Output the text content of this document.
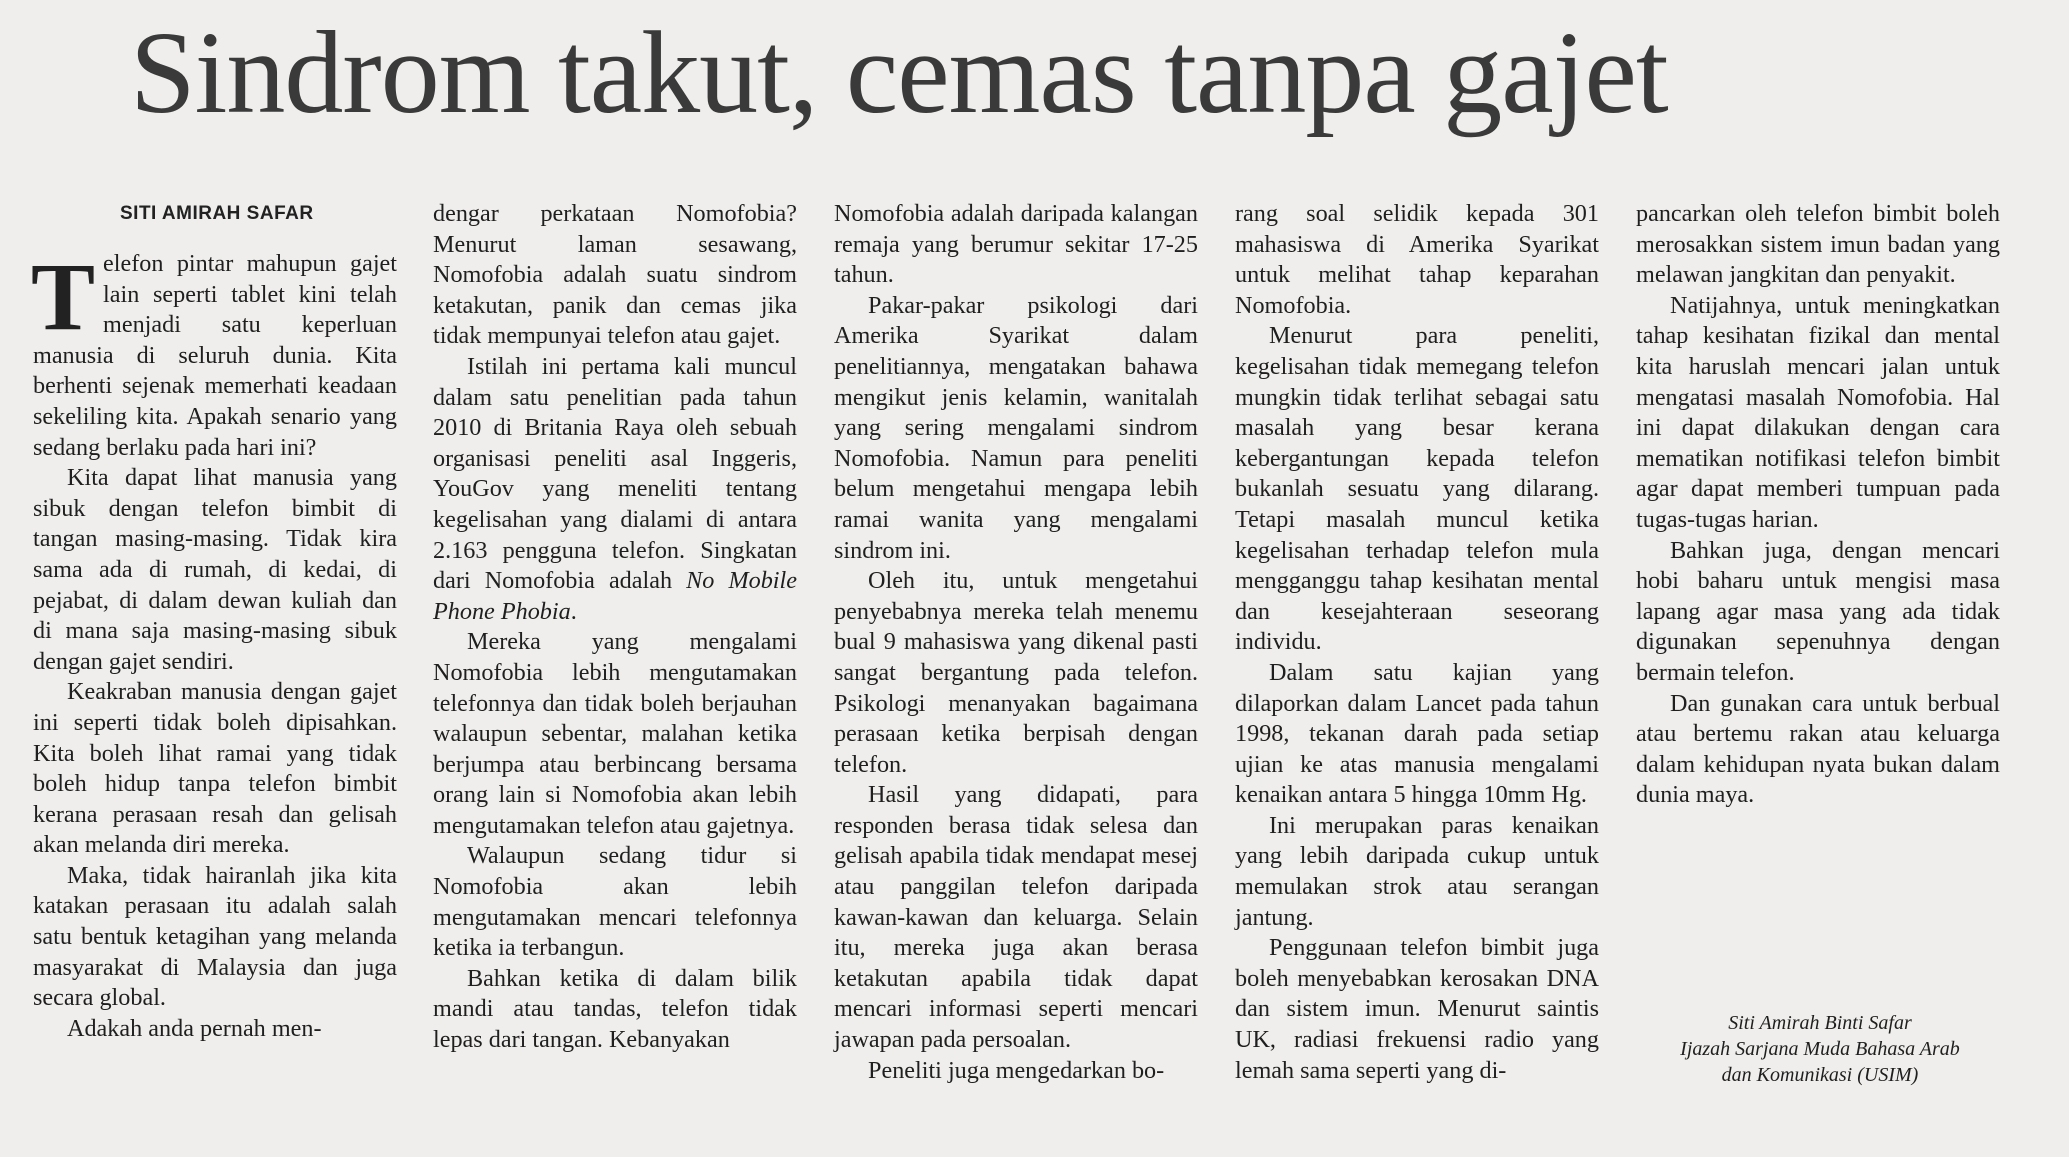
Sindrom takut, cemas tanpa gajet
SITI AMIRAH SAFAR

Telefon pintar mahupun gajet lain seperti tablet kini telah menjadi satu keperluan manusia di seluruh dunia. Kita berhenti sejenak memerhati keadaan sekeliling kita. Apakah senario yang sedang berlaku pada hari ini?

Kita dapat lihat manusia yang sibuk dengan telefon bimbit di tangan masing-masing. Tidak kira sama ada di rumah, di kedai, di pejabat, di dalam dewan kuliah dan di mana saja masing-masing sibuk dengan gajet sendiri.

Keakraban manusia dengan gajet ini seperti tidak boleh dipisahkan. Kita boleh lihat ramai yang tidak boleh hidup tanpa telefon bimbit kerana perasaan resah dan gelisah akan melanda diri mereka.

Maka, tidak hairanlah jika kita katakan perasaan itu adalah salah satu bentuk ketagihan yang melanda masyarakat di Malaysia dan juga secara global.

Adakah anda pernah men-

dengar perkataan Nomofobia? Menurut laman sesawang, Nomofobia adalah suatu sindrom ketakutan, panik dan cemas jika tidak mempunyai telefon atau gajet.

Istilah ini pertama kali muncul dalam satu penelitian pada tahun 2010 di Britania Raya oleh sebuah organisasi peneliti asal Inggeris, YouGov yang meneliti tentang kegelisahan yang dialami di antara 2.163 pengguna telefon. Singkatan dari Nomofobia adalah No Mobile Phone Phobia.

Mereka yang mengalami Nomofobia lebih mengutamakan telefonnya dan tidak boleh berjauhan walaupun sebentar, malahan ketika berjumpa atau berbincang bersama orang lain si Nomofobia akan lebih mengutamakan telefon atau gajetnya.

Walaupun sedang tidur si Nomofobia akan lebih mengutamakan mencari telefonnya ketika ia terbangun.

Bahkan ketika di dalam bilik mandi atau tandas, telefon tidak lepas dari tangan. Kebanyakan

Nomofobia adalah daripada kalangan remaja yang berumur sekitar 17-25 tahun.

Pakar-pakar psikologi dari Amerika Syarikat dalam penelitiannya, mengatakan bahawa mengikut jenis kelamin, wanitalah yang sering mengalami sindrom Nomofobia. Namun para peneliti belum mengetahui mengapa lebih ramai wanita yang mengalami sindrom ini.

Oleh itu, untuk mengetahui penyebabnya mereka telah menemu bual 9 mahasiswa yang dikenal pasti sangat bergantung pada telefon. Psikologi menanyakan bagaimana perasaan ketika berpisah dengan telefon.

Hasil yang didapati, para responden berasa tidak selesa dan gelisah apabila tidak mendapat mesej atau panggilan telefon daripada kawan-kawan dan keluarga. Selain itu, mereka juga akan berasa ketakutan apabila tidak dapat mencari informasi seperti mencari jawapan pada persoalan.

Peneliti juga mengedarkan bo-

rang soal selidik kepada 301 mahasiswa di Amerika Syarikat untuk melihat tahap keparahan Nomofobia.

Menurut para peneliti, kegelisahan tidak memegang telefon mungkin tidak terlihat sebagai satu masalah yang besar kerana kebergantungan kepada telefon bukanlah sesuatu yang dilarang. Tetapi masalah muncul ketika kegelisahan terhadap telefon mula mengganggu tahap kesihatan mental dan kesejahteraan seseorang individu.

Dalam satu kajian yang dilaporkan dalam Lancet pada tahun 1998, tekanan darah pada setiap ujian ke atas manusia mengalami kenaikan antara 5 hingga 10mm Hg.

Ini merupakan paras kenaikan yang lebih daripada cukup untuk memulakan strok atau serangan jantung.

Penggunaan telefon bimbit juga boleh menyebabkan kerosakan DNA dan sistem imun. Menurut saintis UK, radiasi frekuensi radio yang lemah sama seperti yang di-

pancarkan oleh telefon bimbit boleh merosakkan sistem imun badan yang melawan jangkitan dan penyakit.

Natijahnya, untuk meningkatkan tahap kesihatan fizikal dan mental kita haruslah mencari jalan untuk mengatasi masalah Nomofobia. Hal ini dapat dilakukan dengan cara mematikan notifikasi telefon bimbit agar dapat memberi tumpuan pada tugas-tugas harian.

Bahkan juga, dengan mencari hobi baharu untuk mengisi masa lapang agar masa yang ada tidak digunakan sepenuhnya dengan bermain telefon.

Dan gunakan cara untuk berbual atau bertemu rakan atau keluarga dalam kehidupan nyata bukan dalam dunia maya.

Siti Amirah Binti Safar
Ijazah Sarjana Muda Bahasa Arab
dan Komunikasi (USIM)
